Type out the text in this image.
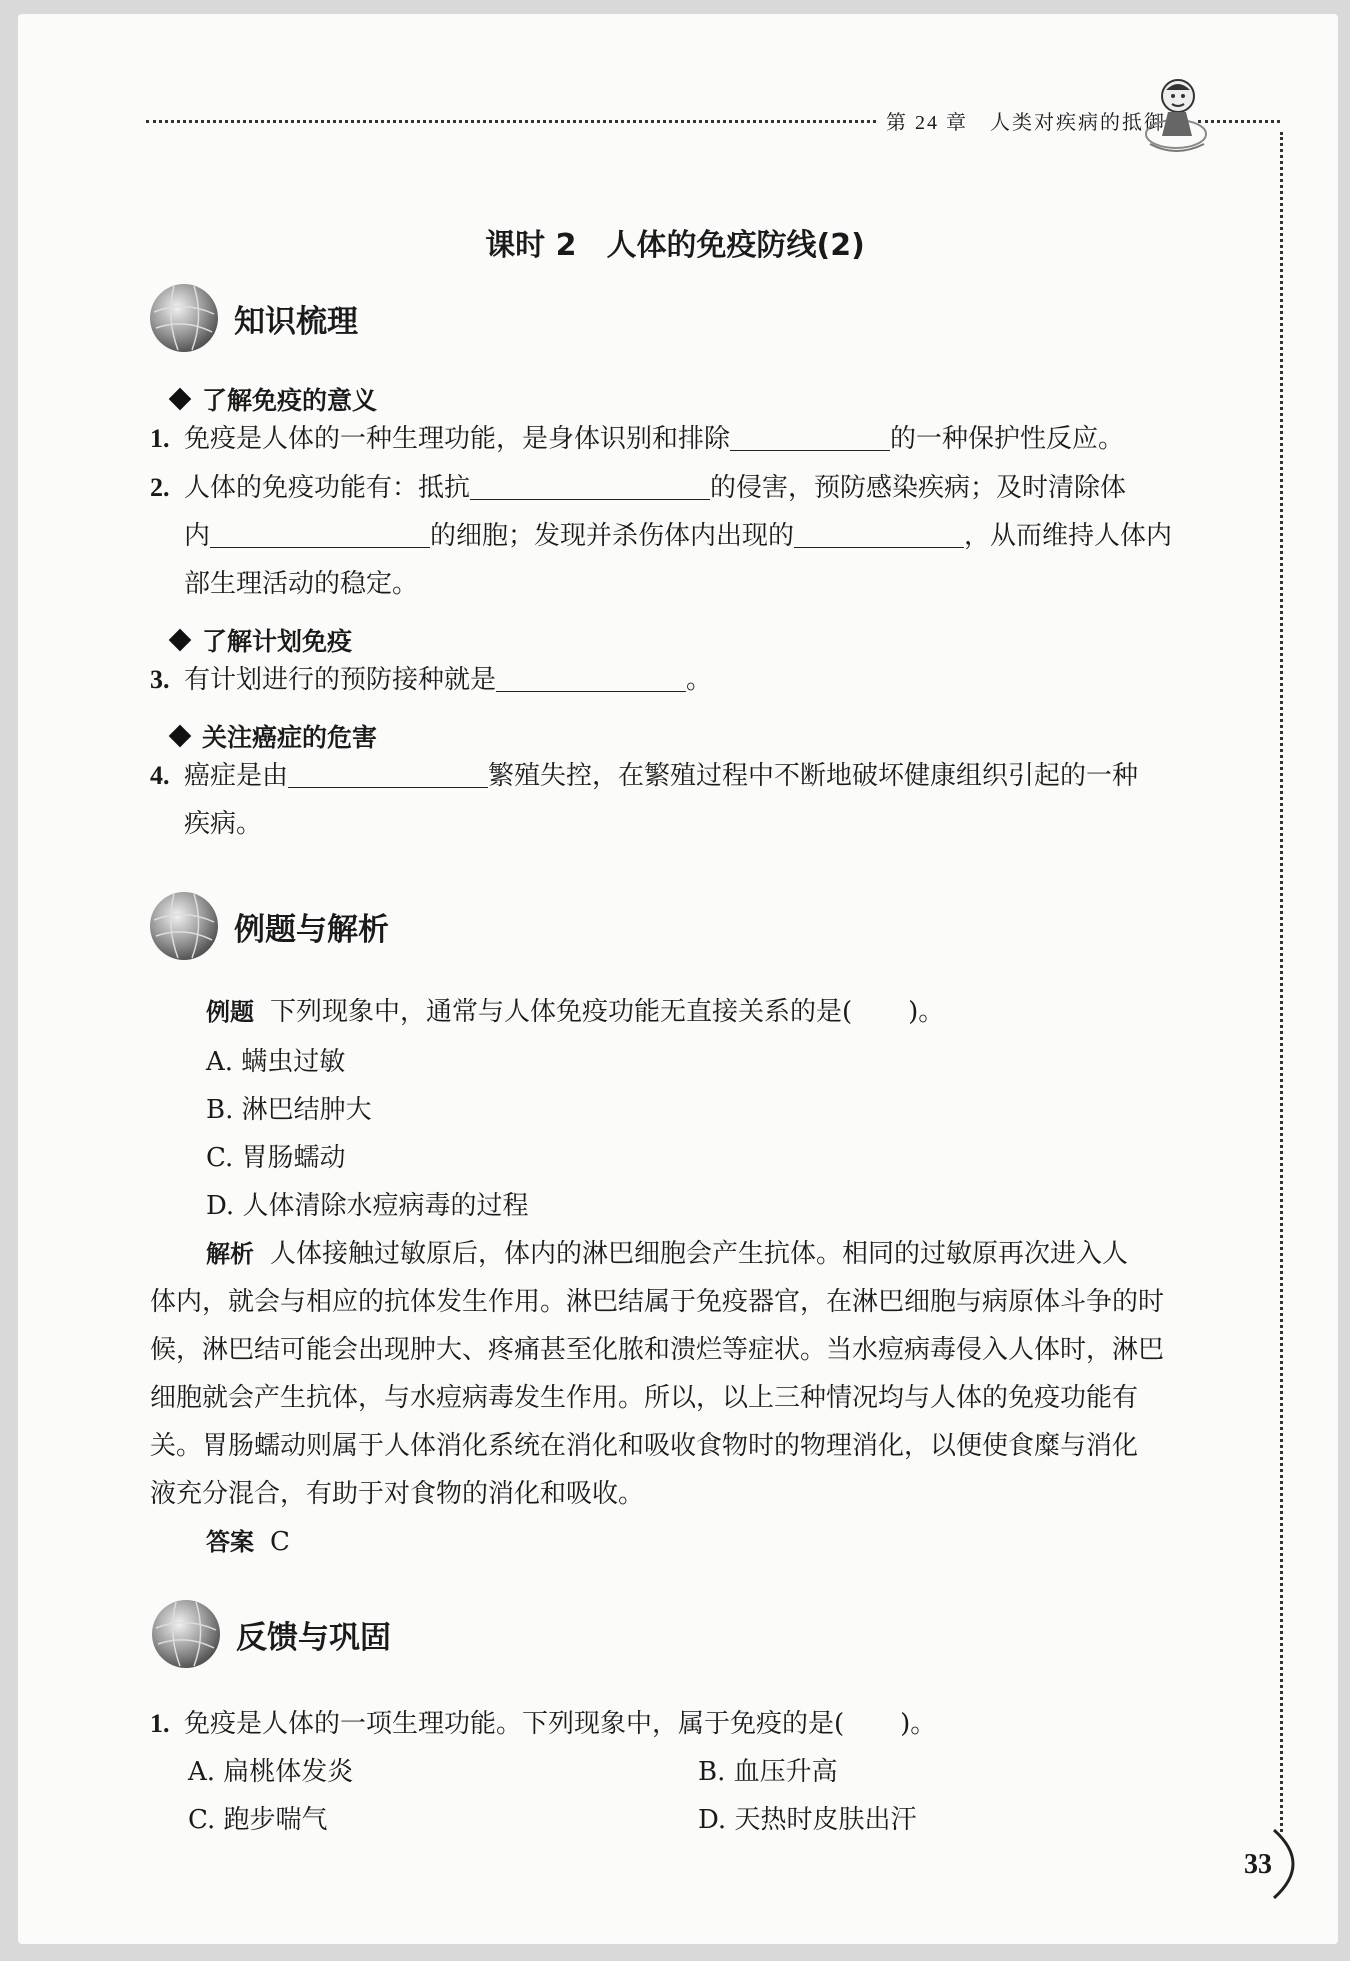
第 24 章 人类对疾病的抵御
课时 2　人体的免疫防线(2)
知识梳理
了解免疫的意义
1. 免疫是人体的一种生理功能，是身体识别和排除	的一种保护性反应。
2. 人体的免疫功能有：抵抗	的侵害，预防感染疾病；及时清除体
内	的细胞；发现并杀伤体内出现的	，从而维持人体内
部生理活动的稳定。
了解计划免疫
3. 有计划进行的预防接种就是	。
关注癌症的危害
4. 癌症是由	繁殖失控，在繁殖过程中不断地破坏健康组织引起的一种
疾病。
例题与解析
例题 下列现象中，通常与人体免疫功能无直接关系的是( )。
A. 螨虫过敏
B. 淋巴结肿大
C. 胃肠蠕动
D. 人体清除水痘病毒的过程
解析 人体接触过敏原后，体内的淋巴细胞会产生抗体。相同的过敏原再次进入人
体内，就会与相应的抗体发生作用。淋巴结属于免疫器官，在淋巴细胞与病原体斗争的时
候，淋巴结可能会出现肿大、疼痛甚至化脓和溃烂等症状。当水痘病毒侵入人体时，淋巴
细胞就会产生抗体，与水痘病毒发生作用。所以，以上三种情况均与人体的免疫功能有
关。胃肠蠕动则属于人体消化系统在消化和吸收食物时的物理消化，以便使食糜与消化
液充分混合，有助于对食物的消化和吸收。
答案 C
反馈与巩固
1. 免疫是人体的一项生理功能。下列现象中，属于免疫的是( )。
A. 扁桃体发炎	B. 血压升高
C. 跑步喘气	D. 天热时皮肤出汗
33
